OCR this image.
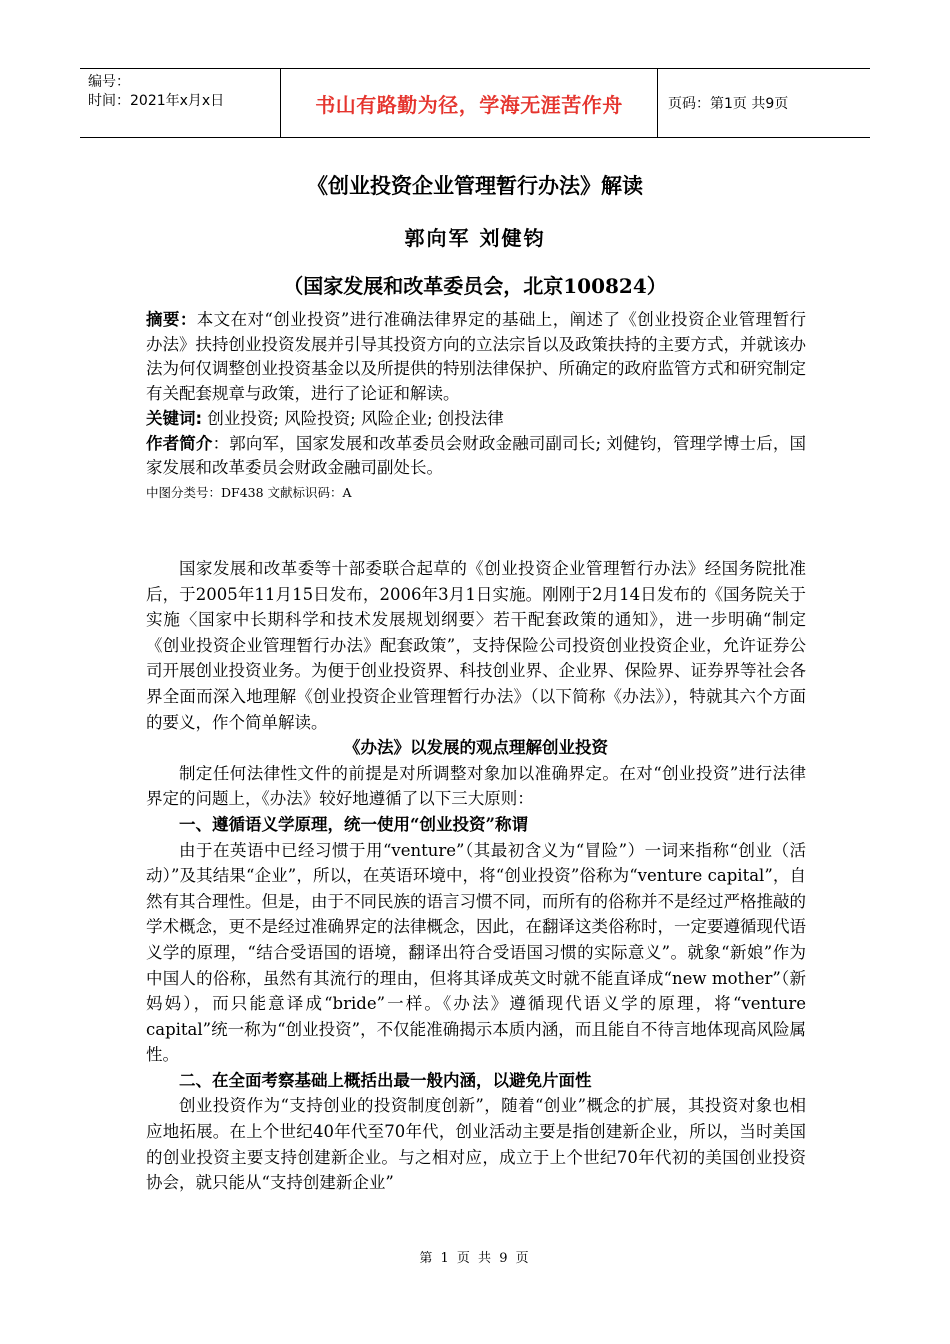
编号：
时间：2021年x月x日	书山有路勤为径，学海无涯苦作舟	页码：第1页 共9页
《创业投资企业管理暂行办法》解读
郭向军 刘健钧
（国家发展和改革委员会，北京100824）

摘要：本文在对“创业投资”进行准确法律界定的基础上，阐述了《创业投资企业管理暂行办法》扶持创业投资发展并引导其投资方向的立法宗旨以及政策扶持的主要方式，并就该办法为何仅调整创业投资基金以及所提供的特别法律保护、所确定的政府监管方式和研究制定有关配套规章与政策，进行了论证和解读。

关键词: 创业投资; 风险投资; 风险企业; 创投法律

作者简介：郭向军，国家发展和改革委员会财政金融司副司长; 刘健钧，管理学博士后，国家发展和改革委员会财政金融司副处长。

中图分类号：DF438 文献标识码：A

国家发展和改革委等十部委联合起草的《创业投资企业管理暂行办法》经国务院批准后，于2005年11月15日发布，2006年3月1日实施。刚刚于2月14日发布的《国务院关于实施〈国家中长期科学和技术发展规划纲要〉若干配套政策的通知》，进一步明确“制定《创业投资企业管理暂行办法》配套政策”，支持保险公司投资创业投资企业，允许证券公司开展创业投资业务。为便于创业投资界、科技创业界、企业界、保险界、证券界等社会各界全面而深入地理解《创业投资企业管理暂行办法》（以下简称《办法》），特就其六个方面的要义，作个简单解读。

《办法》以发展的观点理解创业投资

制定任何法律性文件的前提是对所调整对象加以准确界定。在对“创业投资”进行法律界定的问题上，《办法》较好地遵循了以下三大原则：

一、遵循语义学原理，统一使用“创业投资”称谓

由于在英语中已经习惯于用“venture”（其最初含义为“冒险”）一词来指称“创业（活动）”及其结果“企业”，所以，在英语环境中，将“创业投资”俗称为“venture capital”，自然有其合理性。但是，由于不同民族的语言习惯不同，而所有的俗称并不是经过严格推敲的学术概念，更不是经过准确界定的法律概念，因此，在翻译这类俗称时，一定要遵循现代语义学的原理，“结合受语国的语境，翻译出符合受语国习惯的实际意义”。就象“新娘”作为中国人的俗称，虽然有其流行的理由，但将其译成英文时就不能直译成“new mother”（新妈妈），而只能意译成“bride”一样。《办法》遵循现代语义学的原理，将“venture capital”统一称为“创业投资”，不仅能准确揭示本质内涵，而且能自不待言地体现高风险属性。

二、在全面考察基础上概括出最一般内涵，以避免片面性

创业投资作为“支持创业的投资制度创新”，随着“创业”概念的扩展，其投资对象也相应地拓展。在上个世纪40年代至70年代，创业活动主要是指创建新企业，所以，当时美国的创业投资主要支持创建新企业。与之相对应，成立于上个世纪70年代初的美国创业投资协会，就只能从“支持创建新企业”

第 1 页 共 9 页
